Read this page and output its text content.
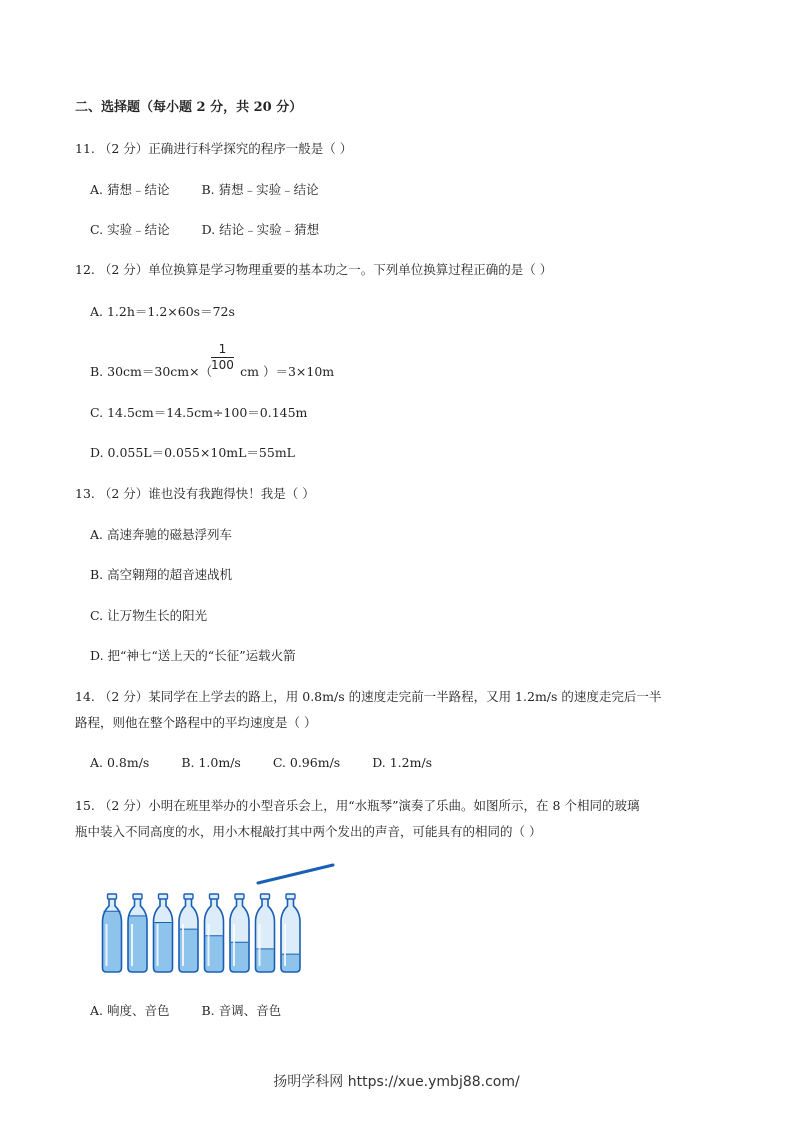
二、选择题（每小题 2 分，共 20 分）
11. （2 分）正确进行科学探究的程序一般是（ ）
A. 猜想﹣结论	B. 猜想﹣实验﹣结论
C. 实验﹣结论	D. 结论﹣实验﹣猜想
12. （2 分）单位换算是学习物理重要的基本功之一。下列单位换算过程正确的是（ ）
A. 1.2h＝1.2×60s＝72s
B. 30cm＝30cm×（ cm ）＝3×10m
$\frac{1}{100}$
C. 14.5cm＝14.5cm÷100＝0.145m
D. 0.055L＝0.055×10mL＝55mL
13. （2 分）谁也没有我跑得快！我是（ ）
A. 高速奔驰的磁悬浮列车
B. 高空翱翔的超音速战机
C. 让万物生长的阳光
D. 把“神七“送上天的“长征”运载火箭
14. （2 分）某同学在上学去的路上，用 0.8m/s 的速度走完前一半路程，又用 1.2m/s 的速度走完后一半
路程，则他在整个路程中的平均速度是（ ）
A. 0.8m/s	B. 1.0m/s	C. 0.96m/s	D. 1.2m/s
15. （2 分）小明在班里举办的小型音乐会上，用“水瓶琴”演奏了乐曲。如图所示，在 8 个相同的玻璃
瓶中装入不同高度的水，用小木棍敲打其中两个发出的声音，可能具有的相同的（ ）
A. 响度、音色	B. 音调、音色
扬明学科网 https://xue.ymbj88.com/
